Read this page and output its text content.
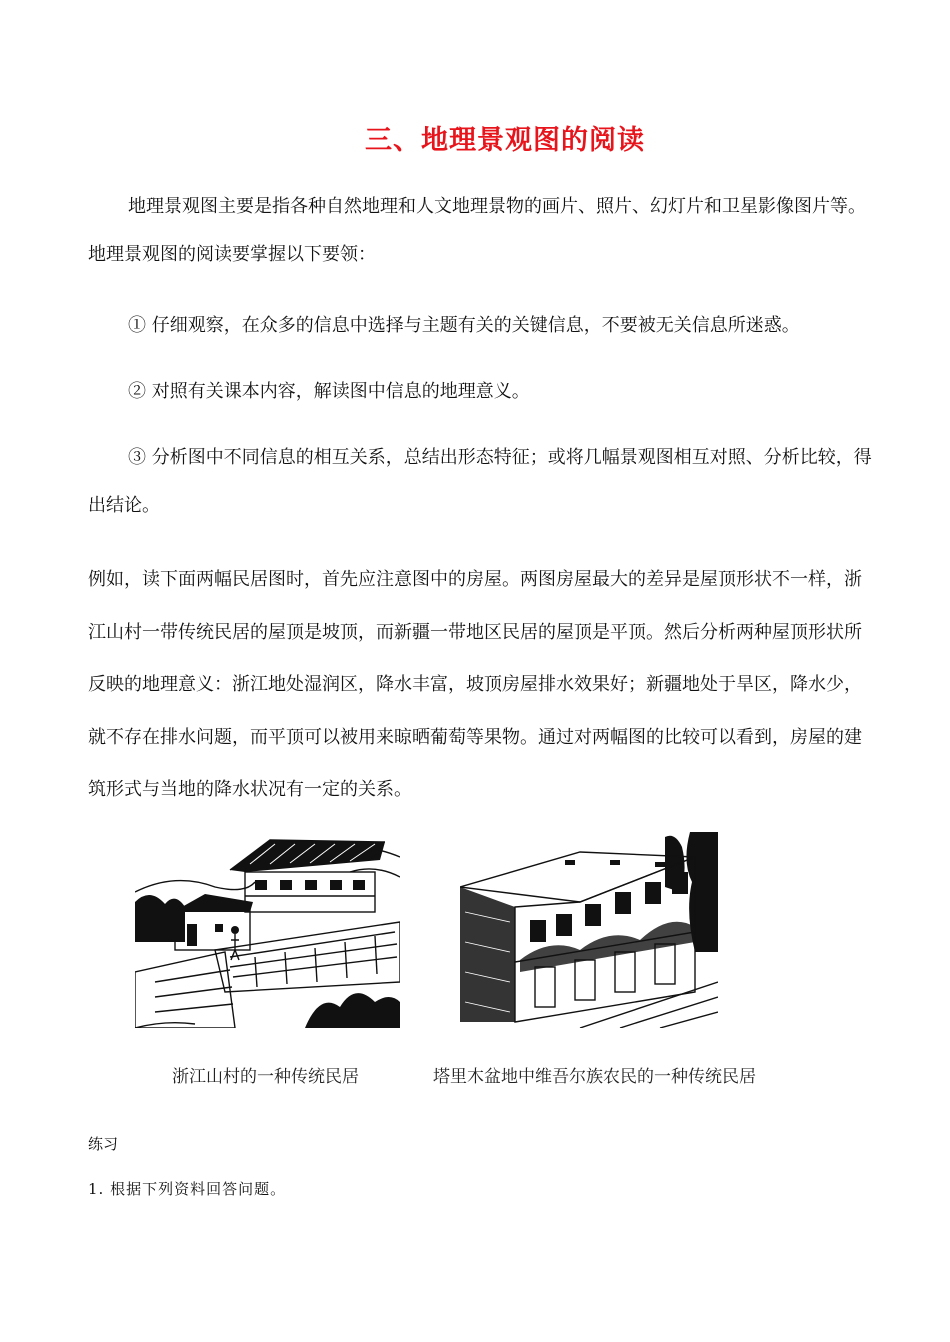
三、地理景观图的阅读
地理景观图主要是指各种自然地理和人文地理景物的画片、照片、幻灯片和卫星影像图片等。地理景观图的阅读要掌握以下要领：
① 仔细观察，在众多的信息中选择与主题有关的关键信息，不要被无关信息所迷惑。
② 对照有关课本内容，解读图中信息的地理意义。
③ 分析图中不同信息的相互关系，总结出形态特征；或将几幅景观图相互对照、分析比较，得出结论。
例如，读下面两幅民居图时，首先应注意图中的房屋。两图房屋最大的差异是屋顶形状不一样，浙江山村一带传统民居的屋顶是坡顶，而新疆一带地区民居的屋顶是平顶。然后分析两种屋顶形状所反映的地理意义：浙江地处湿润区，降水丰富，坡顶房屋排水效果好；新疆地处于旱区，降水少，就不存在排水问题，而平顶可以被用来晾晒葡萄等果物。通过对两幅图的比较可以看到，房屋的建筑形式与当地的降水状况有一定的关系。
浙江山村的一种传统民居	塔里木盆地中维吾尔族农民的一种传统民居
练习
1. 根据下列资料回答问题。
